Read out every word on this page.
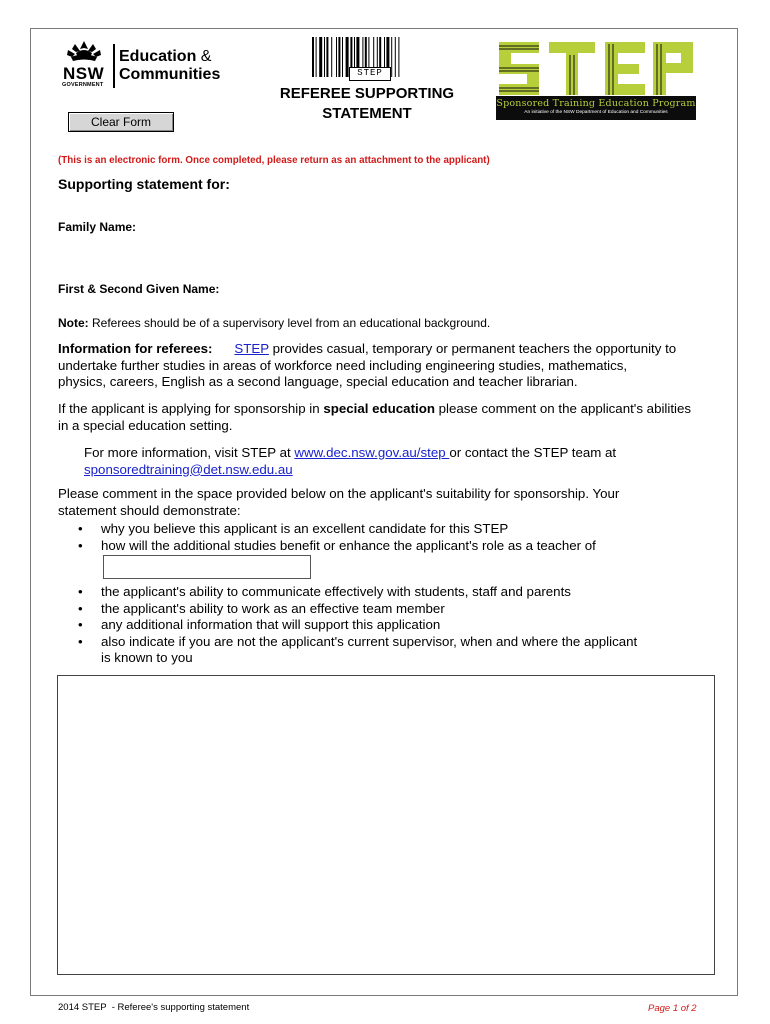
NSW
GOVERNMENT
Education &
Communities
Clear Form
STEP
REFEREE SUPPORTING
STATEMENT
Sponsored Training Education Program
An initiative of the NSW Department of Education and Communities
(This is an electronic form. Once completed, please return as an attachment to the applicant)
Supporting statement for:
Family Name:
First & Second Given Name:
Note: Referees should be of a supervisory level from an educational background.
Information for referees: STEP provides casual, temporary or permanent teachers the opportunity to
undertake further studies in areas of workforce need including engineering studies, mathematics,
physics, careers, English as a second language, special education and teacher librarian.
If the applicant is applying for sponsorship in special education please comment on the applicant's abilities
in a special education setting.
For more information, visit STEP at www.dec.nsw.gov.au/step or contact the STEP team at
sponsoredtraining@det.nsw.edu.au
Please comment in the space provided below on the applicant's suitability for sponsorship. Your
statement should demonstrate:
• why you believe this applicant is an excellent candidate for this STEP
• how will the additional studies benefit or enhance the applicant's role as a teacher of
• the applicant's ability to communicate effectively with students, staff and parents
• the applicant's ability to work as an effective team member
• any additional information that will support this application
• also indicate if you are not the applicant's current supervisor, when and where the applicant
is known to you
2014 STEP  - Referee's supporting statement	Page 1 of 2
